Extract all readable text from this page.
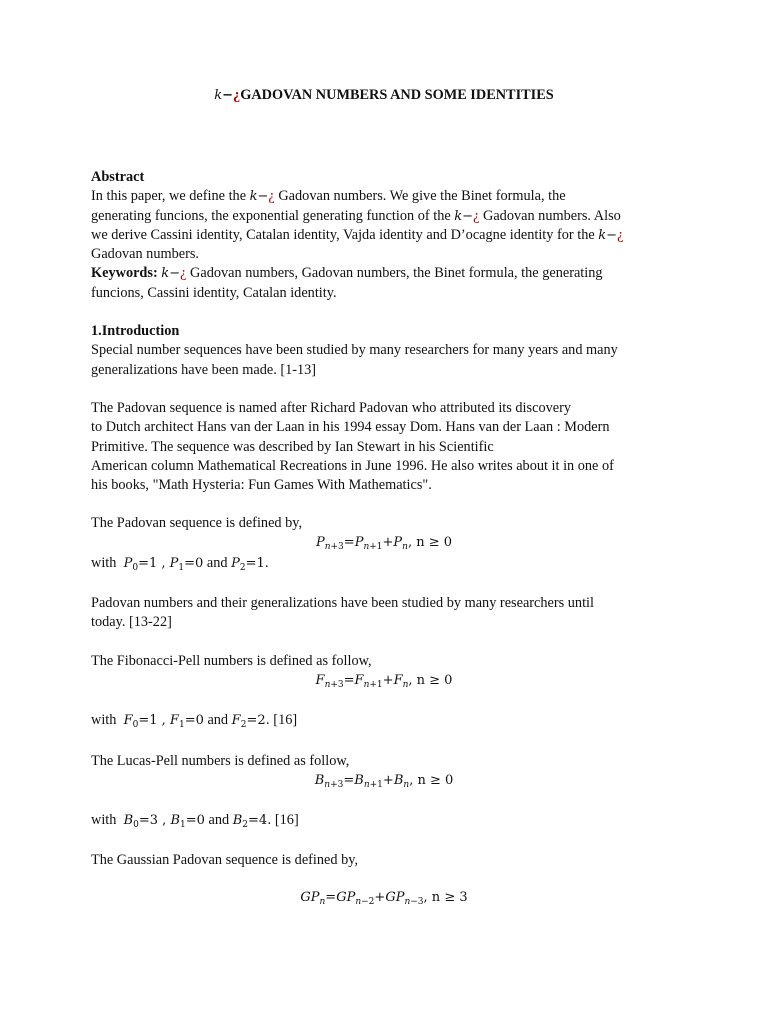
k−¿GADOVAN NUMBERS AND SOME IDENTITIES

Abstract

In this paper, we define the k−¿ Gadovan numbers. We give the Binet formula, the

generating funcions, the exponential generating function of the k−¿ Gadovan numbers. Also

we derive Cassini identity, Catalan identity, Vajda identity and D’ocagne identity for the k−¿

Gadovan numbers.

Keywords: k−¿ Gadovan numbers, Gadovan numbers, the Binet formula, the generating

funcions, Cassini identity, Catalan identity.

1.Introduction

Special number sequences have been studied by many researchers for many years and many

generalizations have been made. [1-13]

The Padovan sequence is named after Richard Padovan who attributed its discovery

to Dutch architect Hans van der Laan in his 1994 essay Dom. Hans van der Laan : Modern

Primitive. The sequence was described by Ian Stewart in his Scientific

American column Mathematical Recreations in June 1996. He also writes about it in one of

his books, "Math Hysteria: Fun Games With Mathematics".

The Padovan sequence is defined by,

$P_{n+3}=P_{n+1}+P_n$, n ≥ 0
with $P_0=1$ , $P_1=0$ and $P_2=1$.

Padovan numbers and their generalizations have been studied by many researchers until

today. [13-22]

The Fibonacci-Pell numbers is defined as follow,

$F_{n+3}=F_{n+1}+F_n$, n ≥ 0
with $F_0=1$ , $F_1=0$ and $F_2=2$. [16]

The Lucas-Pell numbers is defined as follow,

$B_{n+3}=B_{n+1}+B_n$, n ≥ 0
with $B_0=3$ , $B_1=0$ and $B_2=4$. [16]

The Gaussian Padovan sequence is defined by,

$GP_n=GP_{n-2}+GP_{n-3}$, n ≥ 3
